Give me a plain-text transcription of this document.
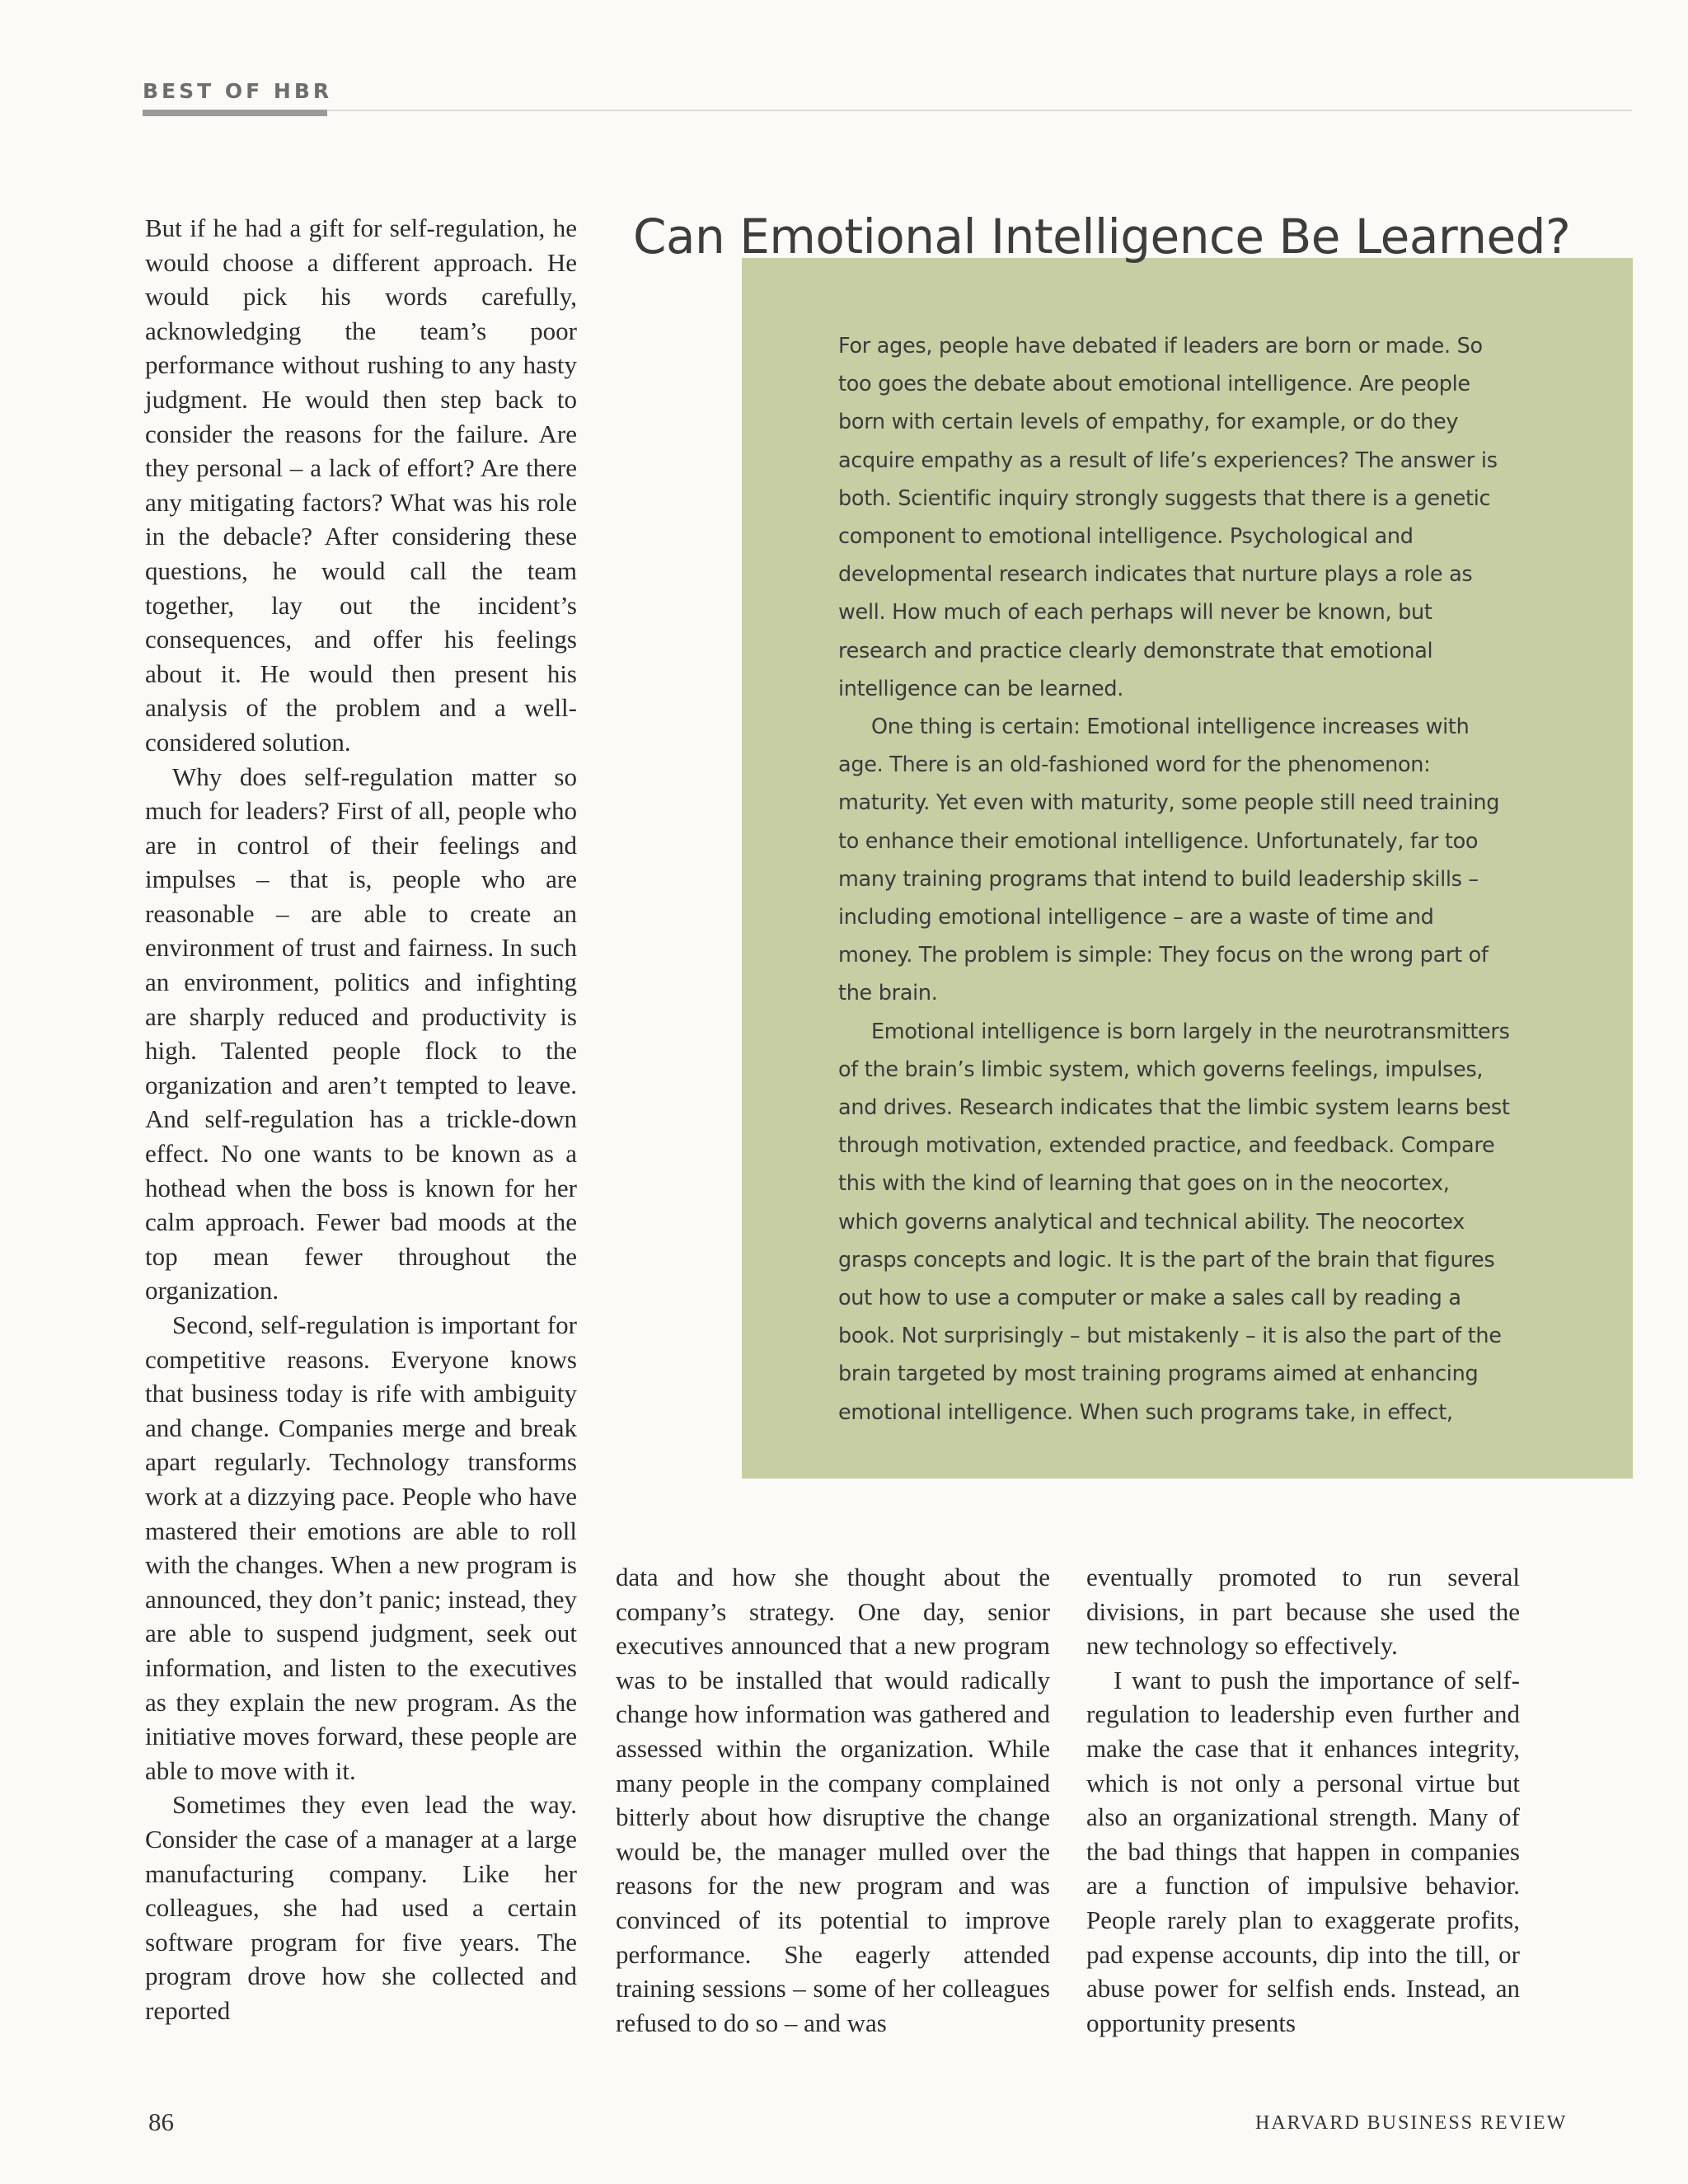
BEST OF HBR

But if he had a gift for self-regulation, he would choose a different approach. He would pick his words carefully, acknowledging the team’s poor performance without rushing to any hasty judgment. He would then step back to consider the reasons for the failure. Are they personal – a lack of effort? Are there any mitigating factors? What was his role in the debacle? After considering these questions, he would call the team together, lay out the incident’s consequences, and offer his feelings about it. He would then present his analysis of the problem and a well-considered solution.

Why does self-regulation matter so much for leaders? First of all, people who are in control of their feelings and impulses – that is, people who are reasonable – are able to create an environment of trust and fairness. In such an environment, politics and infighting are sharply reduced and productivity is high. Talented people flock to the organization and aren’t tempted to leave. And self-regulation has a trickle-down effect. No one wants to be known as a hothead when the boss is known for her calm approach. Fewer bad moods at the top mean fewer throughout the organization.

Second, self-regulation is important for competitive reasons. Everyone knows that business today is rife with ambiguity and change. Companies merge and break apart regularly. Technology transforms work at a dizzying pace. People who have mastered their emotions are able to roll with the changes. When a new program is announced, they don’t panic; instead, they are able to suspend judgment, seek out information, and listen to the executives as they explain the new program. As the initiative moves forward, these people are able to move with it.

Sometimes they even lead the way. Consider the case of a manager at a large manufacturing company. Like her colleagues, she had used a certain software program for five years. The program drove how she collected and reported

Can Emotional Intelligence Be Learned?

For ages, people have debated if leaders are born or made. So too goes the debate about emotional intelligence. Are people born with certain levels of empathy, for example, or do they acquire empathy as a result of life’s experiences? The answer is both. Scientific inquiry strongly suggests that there is a genetic component to emotional intelligence. Psychological and developmental research indicates that nurture plays a role as well. How much of each perhaps will never be known, but research and practice clearly demonstrate that emotional intelligence can be learned.

One thing is certain: Emotional intelligence increases with age. There is an old-fashioned word for the phenomenon: maturity. Yet even with maturity, some people still need training to enhance their emotional intelligence. Unfortunately, far too many training programs that intend to build leadership skills – including emotional intelligence – are a waste of time and money. The problem is simple: They focus on the wrong part of the brain.

Emotional intelligence is born largely in the neurotransmitters of the brain’s limbic system, which governs feelings, impulses, and drives. Research indicates that the limbic system learns best through motivation, extended practice, and feedback. Compare this with the kind of learning that goes on in the neocortex, which governs analytical and technical ability. The neocortex grasps concepts and logic. It is the part of the brain that figures out how to use a computer or make a sales call by reading a book. Not surprisingly – but mistakenly – it is also the part of the brain targeted by most training programs aimed at enhancing emotional intelligence. When such programs take, in effect,

data and how she thought about the company’s strategy. One day, senior executives announced that a new program was to be installed that would radically change how information was gathered and assessed within the organization. While many people in the company complained bitterly about how disruptive the change would be, the manager mulled over the reasons for the new program and was convinced of its potential to improve performance. She eagerly attended training sessions – some of her colleagues refused to do so – and was

eventually promoted to run several divisions, in part because she used the new technology so effectively.

I want to push the importance of self-regulation to leadership even further and make the case that it enhances integrity, which is not only a personal virtue but also an organizational strength. Many of the bad things that happen in companies are a function of impulsive behavior. People rarely plan to exaggerate profits, pad expense accounts, dip into the till, or abuse power for selfish ends. Instead, an opportunity presents

86	HARVARD BUSINESS REVIEW
